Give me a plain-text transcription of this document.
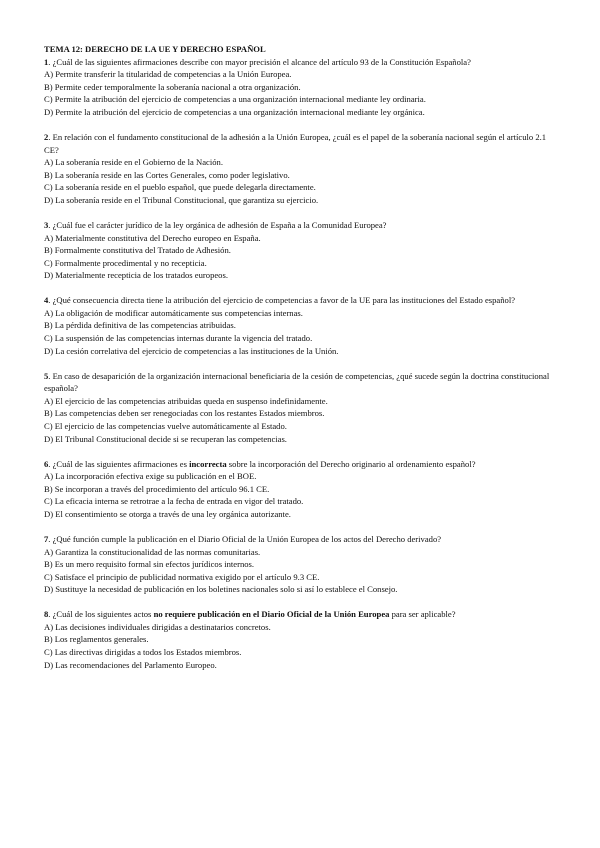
TEMA 12: DERECHO DE LA UE Y DERECHO ESPAÑOL

1. ¿Cuál de las siguientes afirmaciones describe con mayor precisión el alcance del artículo 93 de la Constitución Española?

A) Permite transferir la titularidad de competencias a la Unión Europea.

B) Permite ceder temporalmente la soberanía nacional a otra organización.

C) Permite la atribución del ejercicio de competencias a una organización internacional mediante ley ordinaria.

D) Permite la atribución del ejercicio de competencias a una organización internacional mediante ley orgánica.

2. En relación con el fundamento constitucional de la adhesión a la Unión Europea, ¿cuál es el papel de la soberanía nacional según el artículo 2.1 CE?

A) La soberanía reside en el Gobierno de la Nación.

B) La soberanía reside en las Cortes Generales, como poder legislativo.

C) La soberanía reside en el pueblo español, que puede delegarla directamente.

D) La soberanía reside en el Tribunal Constitucional, que garantiza su ejercicio.

3. ¿Cuál fue el carácter jurídico de la ley orgánica de adhesión de España a la Comunidad Europea?

A) Materialmente constitutiva del Derecho europeo en España.

B) Formalmente constitutiva del Tratado de Adhesión.

C) Formalmente procedimental y no recepticia.

D) Materialmente recepticia de los tratados europeos.

4. ¿Qué consecuencia directa tiene la atribución del ejercicio de competencias a favor de la UE para las instituciones del Estado español?

A) La obligación de modificar automáticamente sus competencias internas.

B) La pérdida definitiva de las competencias atribuidas.

C) La suspensión de las competencias internas durante la vigencia del tratado.

D) La cesión correlativa del ejercicio de competencias a las instituciones de la Unión.

5. En caso de desaparición de la organización internacional beneficiaria de la cesión de competencias, ¿qué sucede según la doctrina constitucional española?

A) El ejercicio de las competencias atribuidas queda en suspenso indefinidamente.

B) Las competencias deben ser renegociadas con los restantes Estados miembros.

C) El ejercicio de las competencias vuelve automáticamente al Estado.

D) El Tribunal Constitucional decide si se recuperan las competencias.

6. ¿Cuál de las siguientes afirmaciones es incorrecta sobre la incorporación del Derecho originario al ordenamiento español?

A) La incorporación efectiva exige su publicación en el BOE.

B) Se incorporan a través del procedimiento del artículo 96.1 CE.

C) La eficacia interna se retrotrae a la fecha de entrada en vigor del tratado.

D) El consentimiento se otorga a través de una ley orgánica autorizante.

7. ¿Qué función cumple la publicación en el Diario Oficial de la Unión Europea de los actos del Derecho derivado?

A) Garantiza la constitucionalidad de las normas comunitarias.

B) Es un mero requisito formal sin efectos jurídicos internos.

C) Satisface el principio de publicidad normativa exigido por el artículo 9.3 CE.

D) Sustituye la necesidad de publicación en los boletines nacionales solo si así lo establece el Consejo.

8. ¿Cuál de los siguientes actos no requiere publicación en el Diario Oficial de la Unión Europea para ser aplicable?

A) Las decisiones individuales dirigidas a destinatarios concretos.

B) Los reglamentos generales.

C) Las directivas dirigidas a todos los Estados miembros.

D) Las recomendaciones del Parlamento Europeo.
